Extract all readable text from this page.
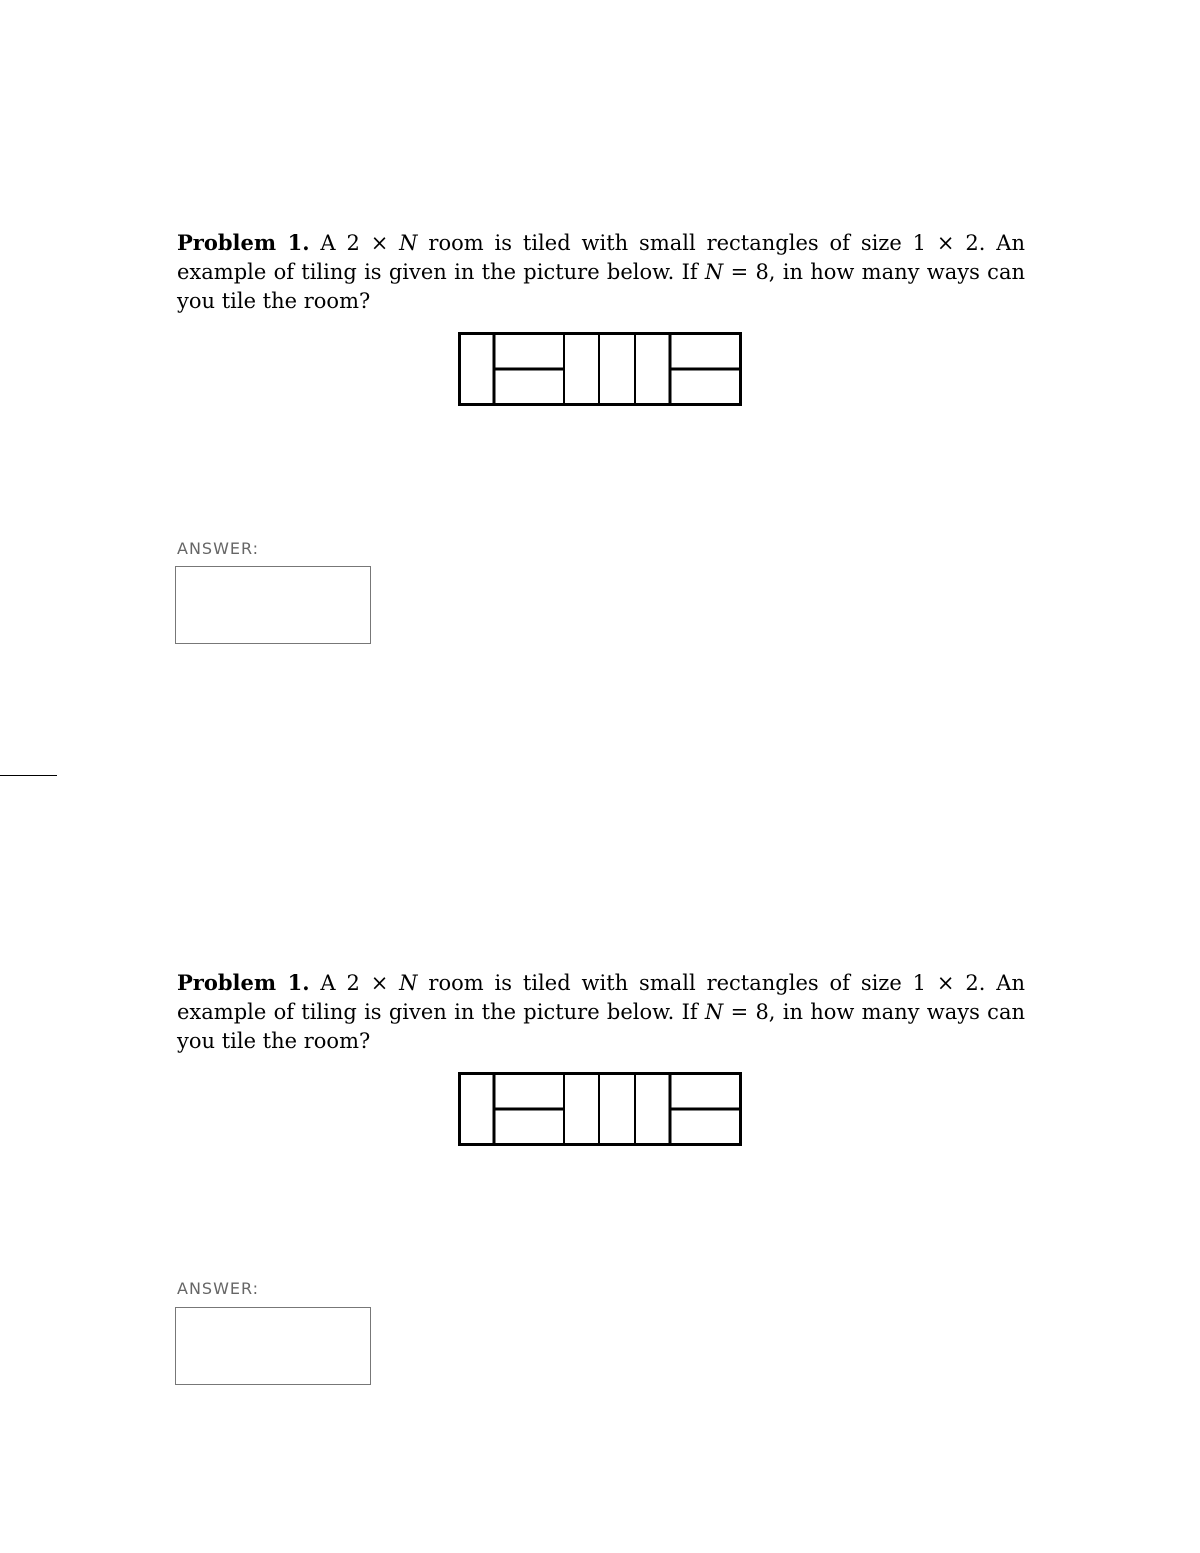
Problem 1. A 2 × N room is tiled with small rectangles of size 1 × 2. An example of tiling is given in the picture below. If N = 8, in how many ways can you tile the room?
ANSWER:
Problem 1. A 2 × N room is tiled with small rectangles of size 1 × 2. An example of tiling is given in the picture below. If N = 8, in how many ways can you tile the room?
ANSWER:
